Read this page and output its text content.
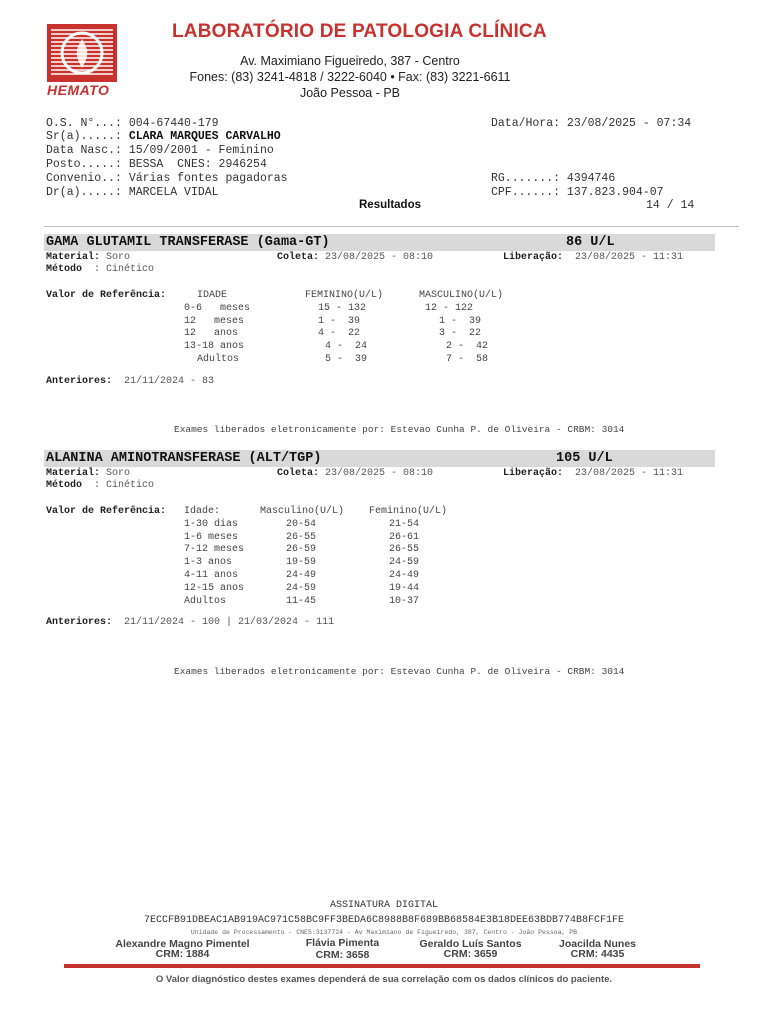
HEMATO
LABORATÓRIO DE PATOLOGIA CLÍNICA
Av. Maximiano Figueiredo, 387 - Centro
Fones: (83) 3241-4818 / 3222-6040 • Fax: (83) 3221-6611
João Pessoa - PB
O.S. N°...: 004-67440-179	Data/Hora: 23/08/2025 - 07:34
Sr(a).....: CLARA MARQUES CARVALHO
Data Nasc.: 15/09/2001 - Feminino
Posto.....: BESSA  CNES: 2946254
Convenio..: Várias fontes pagadoras	RG.......: 4394746
Dr(a).....: MARCELA VIDAL	CPF......: 137.823.904-07
Resultados	14 / 14
GAMA GLUTAMIL TRANSFERASE (Gama-GT)	86 U/L
Material: Soro	Coleta: 23/08/2025 - 08:10	Liberação: 23/08/2025 - 11:31
Método : Cinético
Valor de Referência:	IDADE	FEMININO(U/L)	MASCULINO(U/L)
0-6   meses	15 - 132	12 - 122
12   meses	1 -  39	1 -  39
12   anos	4 -  22	3 -  22
13-18 anos	4 -  24	2 -  42
Adultos	5 -  39	7 -  58
Anteriores: 21/11/2024 - 83
Exames liberados eletronicamente por: Estevao Cunha P. de Oliveira - CRBM: 3014
ALANINA AMINOTRANSFERASE (ALT/TGP)	105 U/L
Material: Soro	Coleta: 23/08/2025 - 08:10	Liberação: 23/08/2025 - 11:31
Método : Cinético
Valor de Referência: Idade:	Masculino(U/L) Feminino(U/L)
1-30 dias	20-54	21-54
1-6 meses	26-55	26-61
7-12 meses	26-59	26-55
1-3 anos	19-59	24-59
4-11 anos	24-49	24-49
12-15 anos	24-59	19-44
Adultos	11-45	10-37
Anteriores: 21/11/2024 - 100 | 21/03/2024 - 111
Exames liberados eletronicamente por: Estevao Cunha P. de Oliveira - CRBM: 3014
ASSINATURA DIGITAL
7ECCFB91DBEAC1AB919AC971C58BC9FF3BEDA6C8988B8F689BB68584E3B18DEE63BDB774B8FCF1FE
Unidade de Processamento - CNES:3137724 - Av Maximiano de Figueiredo, 387, Centro - João Pessoa, PB
Alexandre Magno Pimentel
CRM: 1884
Flávia Pimenta
CRM: 3658
Geraldo Luís Santos
CRM: 3659
Joacilda Nunes
CRM: 4435
O Valor diagnóstico destes exames dependerá de sua correlação com os dados clínicos do paciente.
